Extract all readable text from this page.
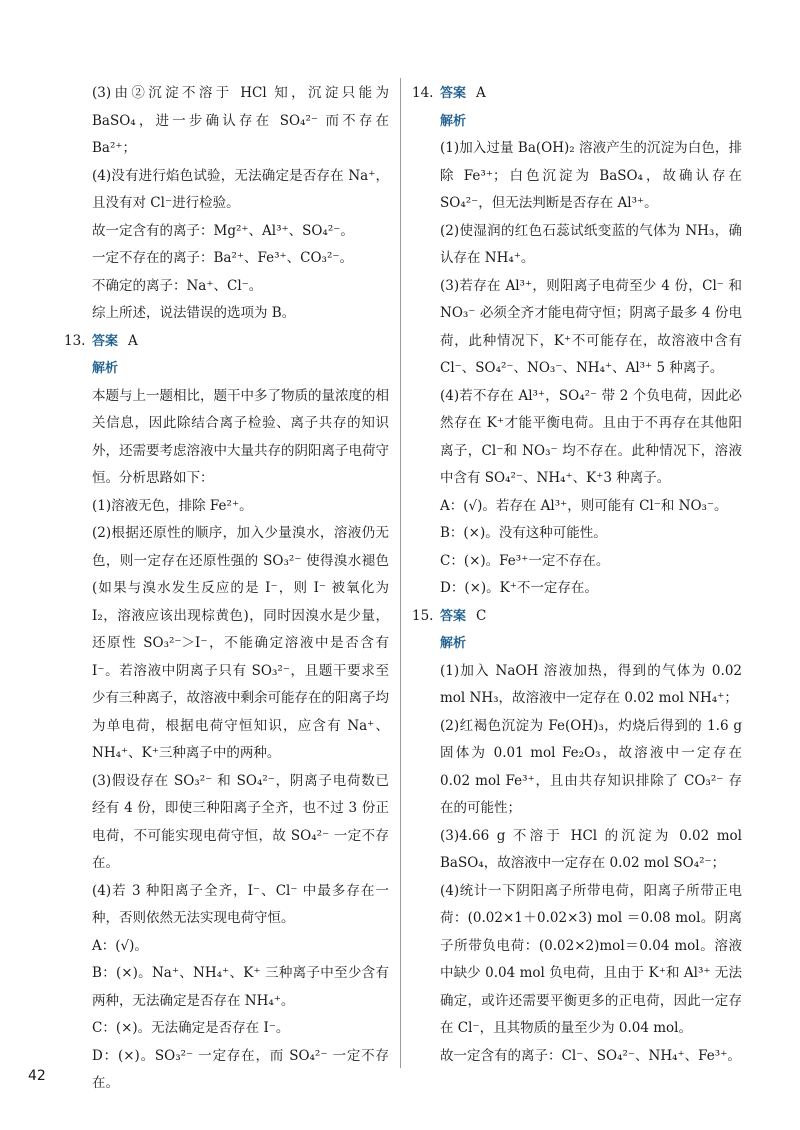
(3)由②沉淀不溶于 HCl 知，沉淀只能为 BaSO₄，进一步确认存在 SO₄²⁻ 而不存在 Ba²⁺；

(4)没有进行焰色试验，无法确定是否存在 Na⁺，且没有对 Cl⁻进行检验。

故一定含有的离子：Mg²⁺、Al³⁺、SO₄²⁻。

一定不存在的离子：Ba²⁺、Fe³⁺、CO₃²⁻。

不确定的离子：Na⁺、Cl⁻。

综上所述，说法错误的选项为 B。

13. 答案 A
解析

本题与上一题相比，题干中多了物质的量浓度的相关信息，因此除结合离子检验、离子共存的知识外，还需要考虑溶液中大量共存的阴阳离子电荷守恒。分析思路如下：

(1)溶液无色，排除 Fe²⁺。

(2)根据还原性的顺序，加入少量溴水，溶液仍无色，则一定存在还原性强的 SO₃²⁻ 使得溴水褪色(如果与溴水发生反应的是 I⁻，则 I⁻ 被氧化为 I₂，溶液应该出现棕黄色)，同时因溴水是少量，还原性 SO₃²⁻＞I⁻，不能确定溶液中是否含有 I⁻。若溶液中阴离子只有 SO₃²⁻，且题干要求至少有三种离子，故溶液中剩余可能存在的阳离子均为单电荷，根据电荷守恒知识，应含有 Na⁺、NH₄⁺、K⁺三种离子中的两种。

(3)假设存在 SO₃²⁻ 和 SO₄²⁻，阴离子电荷数已经有 4 份，即使三种阳离子全齐，也不过 3 份正电荷，不可能实现电荷守恒，故 SO₄²⁻ 一定不存在。

(4)若 3 种阳离子全齐，I⁻、Cl⁻ 中最多存在一种，否则依然无法实现电荷守恒。

A：(√)。

B：(×)。Na⁺、NH₄⁺、K⁺ 三种离子中至少含有两种，无法确定是否存在 NH₄⁺。

C：(×)。无法确定是否存在 I⁻。

D：(×)。SO₃²⁻ 一定存在，而 SO₄²⁻ 一定不存在。

14. 答案 A
解析

(1)加入过量 Ba(OH)₂ 溶液产生的沉淀为白色，排除 Fe³⁺；白色沉淀为 BaSO₄，故确认存在 SO₄²⁻，但无法判断是否存在 Al³⁺。

(2)使湿润的红色石蕊试纸变蓝的气体为 NH₃，确认存在 NH₄⁺。

(3)若存在 Al³⁺，则阳离子电荷至少 4 份，Cl⁻ 和 NO₃⁻ 必须全齐才能电荷守恒；阴离子最多 4 份电荷，此种情况下，K⁺不可能存在，故溶液中含有 Cl⁻、SO₄²⁻、NO₃⁻、NH₄⁺、Al³⁺ 5 种离子。

(4)若不存在 Al³⁺，SO₄²⁻ 带 2 个负电荷，因此必然存在 K⁺才能平衡电荷。且由于不再存在其他阳离子，Cl⁻和 NO₃⁻ 均不存在。此种情况下，溶液中含有 SO₄²⁻、NH₄⁺、K⁺3 种离子。

A：(√)。若存在 Al³⁺，则可能有 Cl⁻和 NO₃⁻。

B：(×)。没有这种可能性。

C：(×)。Fe³⁺一定不存在。

D：(×)。K⁺不一定存在。

15. 答案 C
解析

(1)加入 NaOH 溶液加热，得到的气体为 0.02 mol NH₃，故溶液中一定存在 0.02 mol NH₄⁺；

(2)红褐色沉淀为 Fe(OH)₃，灼烧后得到的 1.6 g 固体为 0.01 mol Fe₂O₃，故溶液中一定存在 0.02 mol Fe³⁺，且由共存知识排除了 CO₃²⁻ 存在的可能性；

(3)4.66 g 不溶于 HCl 的沉淀为 0.02 mol BaSO₄，故溶液中一定存在 0.02 mol SO₄²⁻；

(4)统计一下阴阳离子所带电荷，阳离子所带正电荷：(0.02×1＋0.02×3) mol ＝0.08 mol。阴离子所带负电荷：(0.02×2)mol＝0.04 mol。溶液中缺少 0.04 mol 负电荷，且由于 K⁺和 Al³⁺ 无法确定，或许还需要平衡更多的正电荷，因此一定存在 Cl⁻，且其物质的量至少为 0.04 mol。

故一定含有的离子：Cl⁻、SO₄²⁻、NH₄⁺、Fe³⁺。

42
